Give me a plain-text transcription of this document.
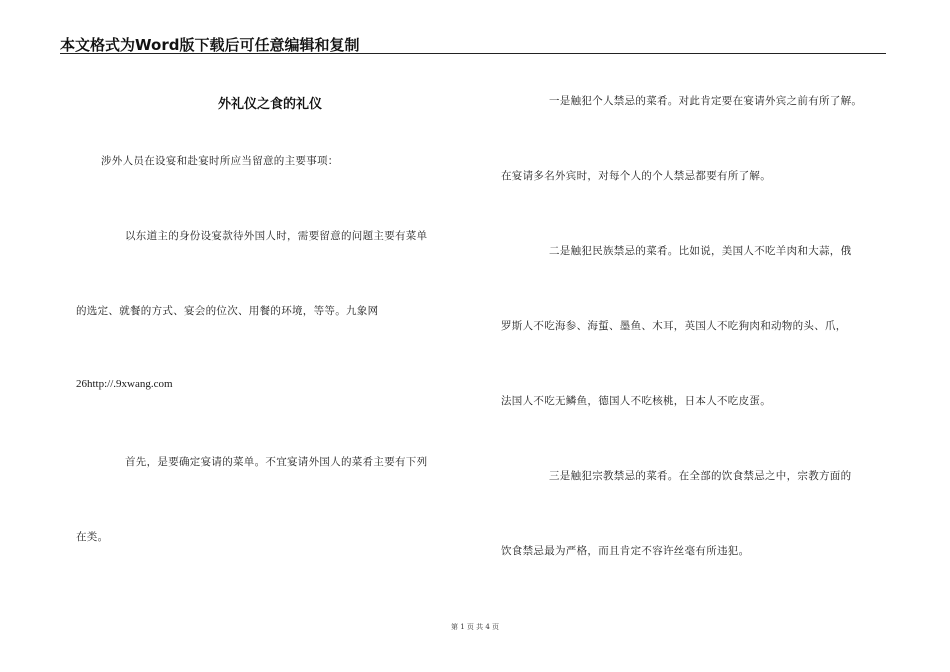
本文格式为Word版下载后可任意编辑和复制
外礼仪之食的礼仪
涉外人员在设宴和赴宴时所应当留意的主要事项：
以东道主的身份设宴款待外国人时，需要留意的问题主要有菜单
的选定、就餐的方式、宴会的位次、用餐的环境，等等。九象网
26http://.9xwang.com
首先，是要确定宴请的菜单。不宜宴请外国人的菜肴主要有下列
在类。
一是触犯个人禁忌的菜肴。对此肯定要在宴请外宾之前有所了解。
在宴请多名外宾时，对每个人的个人禁忌都要有所了解。
二是触犯民族禁忌的菜肴。比如说，美国人不吃羊肉和大蒜，俄
罗斯人不吃海参、海蜇、墨鱼、木耳，英国人不吃狗肉和动物的头、爪，
法国人不吃无鳞鱼，德国人不吃核桃，日本人不吃皮蛋。
三是触犯宗教禁忌的菜肴。在全部的饮食禁忌之中，宗教方面的
饮食禁忌最为严格，而且肯定不容许丝毫有所违犯。
第 1 页 共 4 页
